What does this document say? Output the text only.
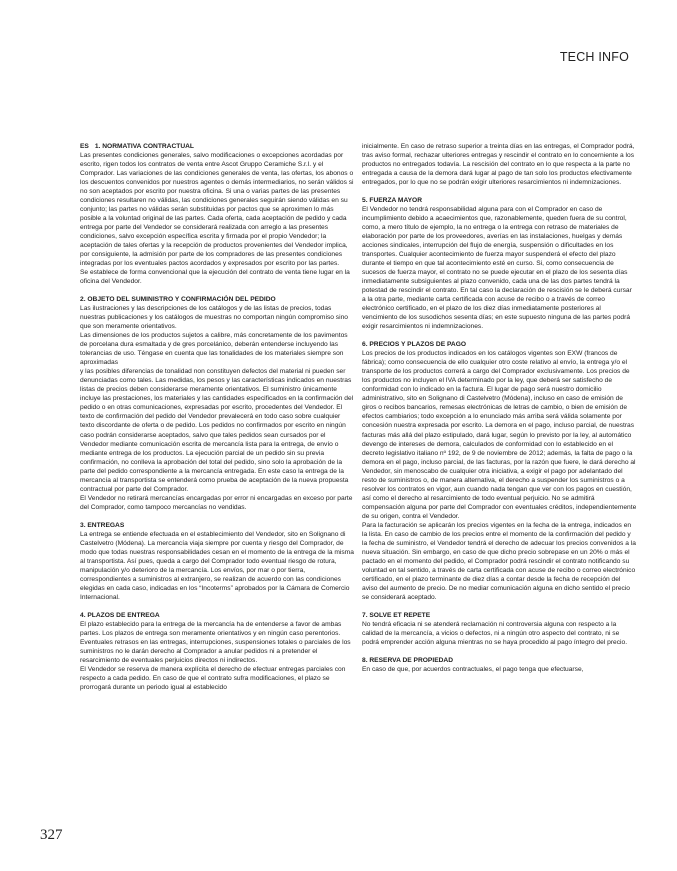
TECH INFO

ES 1. NORMATIVA CONTRACTUAL

Las presentes condiciones generales, salvo modificaciones o excepciones acordadas por escrito, rigen todos los contratos de venta entre Ascot Gruppo Ceramiche S.r.l. y el Comprador. Las variaciones de las condiciones generales de venta, las ofertas, los abonos o los descuentos convenidos por nuestros agentes o demás intermediarios, no serán válidos si no son aceptados por escrito por nuestra oficina. Si una o varias partes de las presentes condiciones resultaren no válidas, las condiciones generales seguirán siendo válidas en su conjunto; las partes no válidas serán substituidas por pactos que se aproximen lo más posible a la voluntad original de las partes. Cada oferta, cada aceptación de pedido y cada entrega por parte del Vendedor se considerará realizada con arreglo a las presentes condiciones, salvo excepción específica escrita y firmada por el propio Vendedor; la aceptación de tales ofertas y la recepción de productos provenientes del Vendedor implica, por consiguiente, la admisión por parte de los compradores de las presentes condiciones integradas por los eventuales pactos acordados y expresados por escrito por las partes.

Se establece de forma convencional que la ejecución del contrato de venta tiene lugar en la oficina del Vendedor.

2. OBJETO DEL SUMINISTRO Y CONFIRMACIÓN DEL PEDIDO

Las ilustraciones y las descripciones de los catálogos y de las listas de precios, todas nuestras publicaciones y los catálogos de muestras no comportan ningún compromiso sino que son meramente orientativos.

Las dimensiones de los productos sujetos a calibre, más concretamente de los pavimentos de porcelana dura esmaltada y de gres porcelánico, deberán entenderse incluyendo las tolerancias de uso. Téngase en cuenta que las tonalidades de los materiales siempre son aproximadas

y las posibles diferencias de tonalidad non constituyen defectos del material ni pueden ser denunciadas como tales. Las medidas, los pesos y las características indicados en nuestras listas de precios deben considerarse meramente orientativos. El suministro únicamente incluye las prestaciones, los materiales y las cantidades especificados en la confirmación del pedido o en otras comunicaciones, expresadas por escrito, procedentes del Vendedor. El texto de confirmación del pedido del Vendedor prevalecerá en todo caso sobre cualquier texto discordante de oferta o de pedido. Los pedidos no confirmados por escrito en ningún caso podrán considerarse aceptados, salvo que tales pedidos sean cursados por el Vendedor mediante comunicación escrita de mercancía lista para la entrega, de envío o mediante entrega de los productos. La ejecución parcial de un pedido sin su previa confirmación, no conlleva la aprobación del total del pedido, sino solo la aprobación de la parte del pedido correspondiente a la mercancía entregada. En este caso la entrega de la mercancía al transportista se entenderá como prueba de aceptación de la nueva propuesta contractual por parte del Comprador.

El Vendedor no retirará mercancías encargadas por error ni encargadas en exceso por parte del Comprador, como tampoco mercancías no vendidas.

3. ENTREGAS

La entrega se entiende efectuada en el establecimiento del Vendedor, sito en Solignano di Castelvetro (Módena). La mercancía viaja siempre por cuenta y riesgo del Comprador, de modo que todas nuestras responsabilidades cesan en el momento de la entrega de la misma al transportista. Así pues, queda a cargo del Comprador todo eventual riesgo de rotura, manipulación y/o deterioro de la mercancía. Los envíos, por mar o por tierra, correspondientes a suministros al extranjero, se realizan de acuerdo con las condiciones elegidas en cada caso, indicadas en los “Incoterms” aprobados por la Cámara de Comercio Internacional.

4. PLAZOS DE ENTREGA

El plazo establecido para la entrega de la mercancía ha de entenderse a favor de ambas partes. Los plazos de entrega son meramente orientativos y en ningún caso perentorios. Eventuales retrasos en las entregas, interrupciones, suspensiones totales o parciales de los suministros no le darán derecho al Comprador a anular pedidos ni a pretender el resarcimiento de eventuales perjuicios directos ni indirectos.

El Vendedor se reserva de manera explícita el derecho de efectuar entregas parciales con respecto a cada pedido. En caso de que el contrato sufra modificaciones, el plazo se prorrogará durante un periodo igual al establecido

inicialmente. En caso de retraso superior a treinta días en las entregas, el Comprador podrá, tras aviso formal, rechazar ulteriores entregas y rescindir el contrato en lo concerniente a los productos no entregados todavía. La rescisión del contrato en lo que respecta a la parte no entregada a causa de la demora dará lugar al pago de tan solo los productos efectivamente entregados, por lo que no se podrán exigir ulteriores resarcimientos ni indemnizaciones.

5. FUERZA MAYOR

El Vendedor no tendrá responsabilidad alguna para con el Comprador en caso de incumplimiento debido a acaecimientos que, razonablemente, queden fuera de su control, como, a mero título de ejemplo, la no entrega o la entrega con retraso de materiales de elaboración por parte de los proveedores, averías en las instalaciones, huelgas y demás acciones sindicales, interrupción del flujo de energía, suspensión o dificultades en los transportes. Cualquier acontecimiento de fuerza mayor suspenderá el efecto del plazo durante el tiempo en que tal acontecimiento esté en curso. Si, como consecuencia de sucesos de fuerza mayor, el contrato no se puede ejecutar en el plazo de los sesenta días inmediatamente subsiguientes al plazo convenido, cada una de las dos partes tendrá la potestad de rescindir el contrato. En tal caso la declaración de rescisión se le deberá cursar a la otra parte, mediante carta certificada con acuse de recibo o a través de correo electrónico certificado, en el plazo de los diez días inmediatamente posteriores al vencimiento de los susodichos sesenta días; en este supuesto ninguna de las partes podrá exigir resarcimientos ni indemnizaciones.

6. PRECIOS Y PLAZOS DE PAGO

Los precios de los productos indicados en los catálogos vigentes son EXW (francos de fábrica); como consecuencia de ello cualquier otro coste relativo al envío, la entrega y/o el transporte de los productos correrá a cargo del Comprador exclusivamente. Los precios de los productos no incluyen el IVA determinado por la ley, que deberá ser satisfecho de conformidad con lo indicado en la factura. El lugar de pago será nuestro domicilio administrativo, sito en Solignano di Castelvetro (Módena), incluso en caso de emisión de giros o recibos bancarios, remesas electrónicas de letras de cambio, o bien de emisión de efectos cambiarios; todo excepción a lo enunciado más arriba será válida solamente por concesión nuestra expresada por escrito. La demora en el pago, incluso parcial, de nuestras facturas más allá del plazo estipulado, dará lugar, según lo previsto por la ley, al automático devengo de intereses de demora, calculados de conformidad con lo establecido en el decreto legislativo italiano nº 192, de 9 de noviembre de 2012; además, la falta de pago o la demora en el pago, incluso parcial, de las facturas, por la razón que fuere, le dará derecho al Vendedor, sin menoscabo de cualquier otra iniciativa, a exigir el pago por adelantado del resto de suministros o, de manera alternativa, el derecho a suspender los suministros o a resolver los contratos en vigor, aun cuando nada tengan que ver con los pagos en cuestión, así como el derecho al resarcimiento de todo eventual perjuicio. No se admitirá compensación alguna por parte del Comprador con eventuales créditos, independientemente de su origen, contra el Vendedor.

Para la facturación se aplicarán los precios vigentes en la fecha de la entrega, indicados en la lista. En caso de cambio de los precios entre el momento de la confirmación del pedido y la fecha de suministro, el Vendedor tendrá el derecho de adecuar los precios convenidos a la nueva situación. Sin embargo, en caso de que dicho precio sobrepase en un 20% o más el pactado en el momento del pedido, el Comprador podrá rescindir el contrato notificando su voluntad en tal sentido, a través de carta certificada con acuse de recibo o correo electrónico certificado, en el plazo terminante de diez días a contar desde la fecha de recepción del aviso del aumento de precio. De no mediar comunicación alguna en dicho sentido el precio se considerará aceptado.

7. SOLVE ET REPETE

No tendrá eficacia ni se atenderá reclamación ni controversia alguna con respecto a la calidad de la mercancía, a vicios o defectos, ni a ningún otro aspecto del contrato, ni se podrá emprender acción alguna mientras no se haya procedido al pago íntegro del precio.

8. RESERVA DE PROPIEDAD

En caso de que, por acuerdos contractuales, el pago tenga que efectuarse,

327
